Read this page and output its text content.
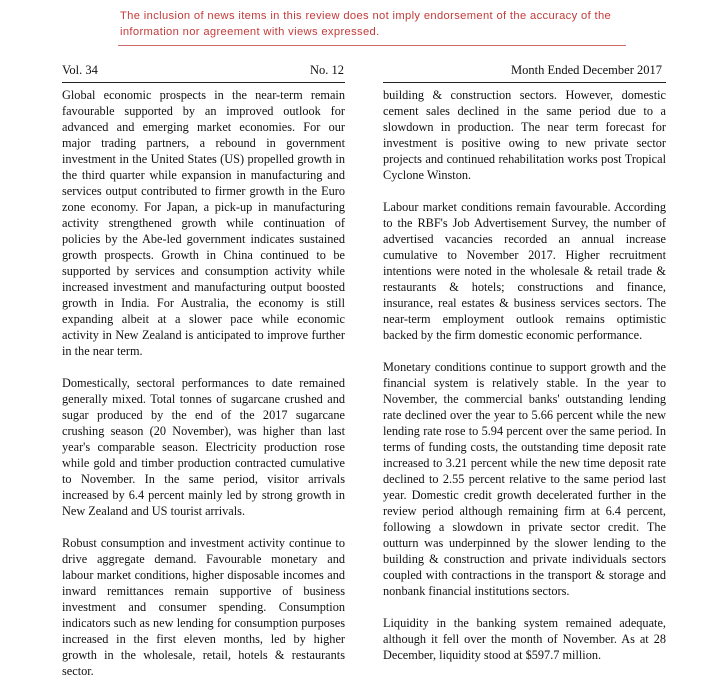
The inclusion of news items in this review does not imply endorsement of the accuracy of the information nor agreement with views expressed.
Vol. 34	No. 12	Month Ended December 2017

Global economic prospects in the near-term remain favourable supported by an improved outlook for advanced and emerging market economies. For our major trading partners, a rebound in government investment in the United States (US) propelled growth in the third quarter while expansion in manufacturing and services output contributed to firmer growth in the Euro zone economy. For Japan, a pick-up in manufacturing activity strengthened growth while continuation of policies by the Abe-led government indicates sustained growth prospects. Growth in China continued to be supported by services and consumption activity while increased investment and manufacturing output boosted growth in India. For Australia, the economy is still expanding albeit at a slower pace while economic activity in New Zealand is anticipated to improve further in the near term.

Domestically, sectoral performances to date remained generally mixed. Total tonnes of sugarcane crushed and sugar produced by the end of the 2017 sugarcane crushing season (20 November), was higher than last year's comparable season. Electricity production rose while gold and timber production contracted cumulative to November. In the same period, visitor arrivals increased by 6.4 percent mainly led by strong growth in New Zealand and US tourist arrivals.

Robust consumption and investment activity continue to drive aggregate demand. Favourable monetary and labour market conditions, higher disposable incomes and inward remittances remain supportive of business investment and consumer spending. Consumption indicators such as new lending for consumption purposes increased in the first eleven months, led by higher growth in the wholesale, retail, hotels & restaurants sector.

building & construction sectors. However, domestic cement sales declined in the same period due to a slowdown in production. The near term forecast for investment is positive owing to new private sector projects and continued rehabilitation works post Tropical Cyclone Winston.

Labour market conditions remain favourable. According to the RBF's Job Advertisement Survey, the number of advertised vacancies recorded an annual increase cumulative to November 2017. Higher recruitment intentions were noted in the wholesale & retail trade & restaurants & hotels; constructions and finance, insurance, real estates & business services sectors. The near-term employment outlook remains optimistic backed by the firm domestic economic performance.

Monetary conditions continue to support growth and the financial system is relatively stable. In the year to November, the commercial banks' outstanding lending rate declined over the year to 5.66 percent while the new lending rate rose to 5.94 percent over the same period. In terms of funding costs, the outstanding time deposit rate increased to 3.21 percent while the new time deposit rate declined to 2.55 percent relative to the same period last year. Domestic credit growth decelerated further in the review period although remaining firm at 6.4 percent, following a slowdown in private sector credit. The outturn was underpinned by the slower lending to the building & construction and private individuals sectors coupled with contractions in the transport & storage and nonbank financial institutions sectors.

Liquidity in the banking system remained adequate, although it fell over the month of November. As at 28 December, liquidity stood at $597.7 million.
